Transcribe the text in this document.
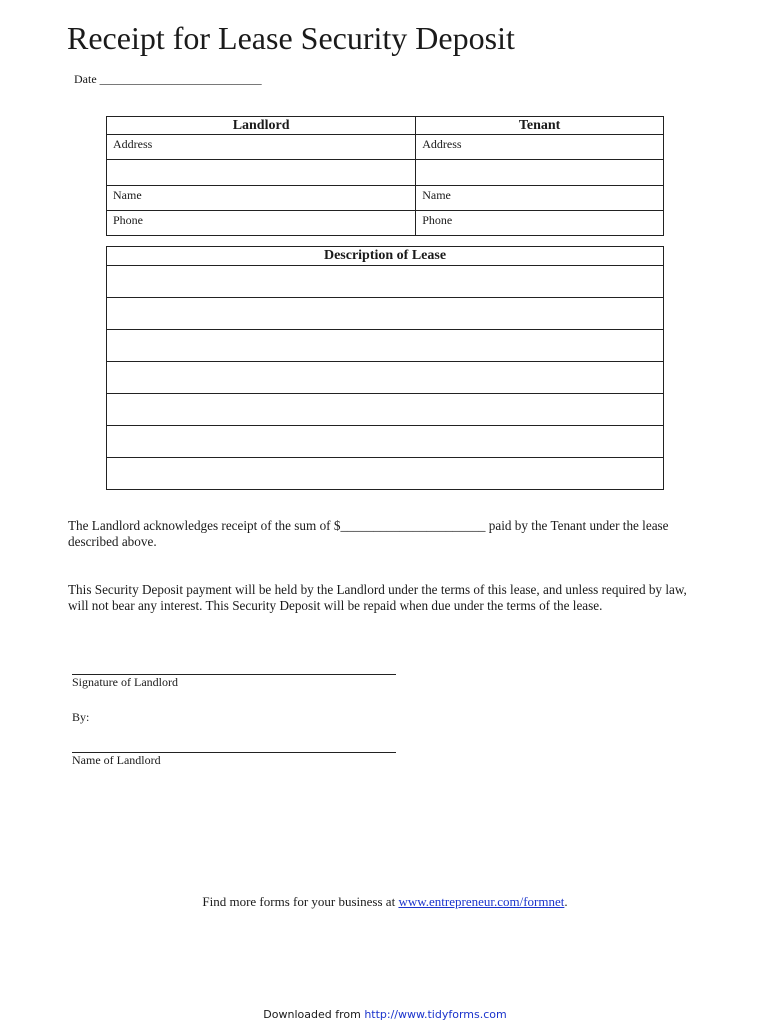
Receipt for Lease Security Deposit
Date ___________________________
Landlord	Tenant
Address	Address

Name	Name
Phone	Phone
Description of Lease

The Landlord acknowledges receipt of the sum of $______________________ paid by the Tenant under the lease described above.
This Security Deposit payment will be held by the Landlord under the terms of this lease, and unless required by law, will not bear any interest. This Security Deposit will be repaid when due under the terms of the lease.
Signature of Landlord
By:
Name of Landlord
Find more forms for your business at www.entrepreneur.com/formnet.
Downloaded from http://www.tidyforms.com
